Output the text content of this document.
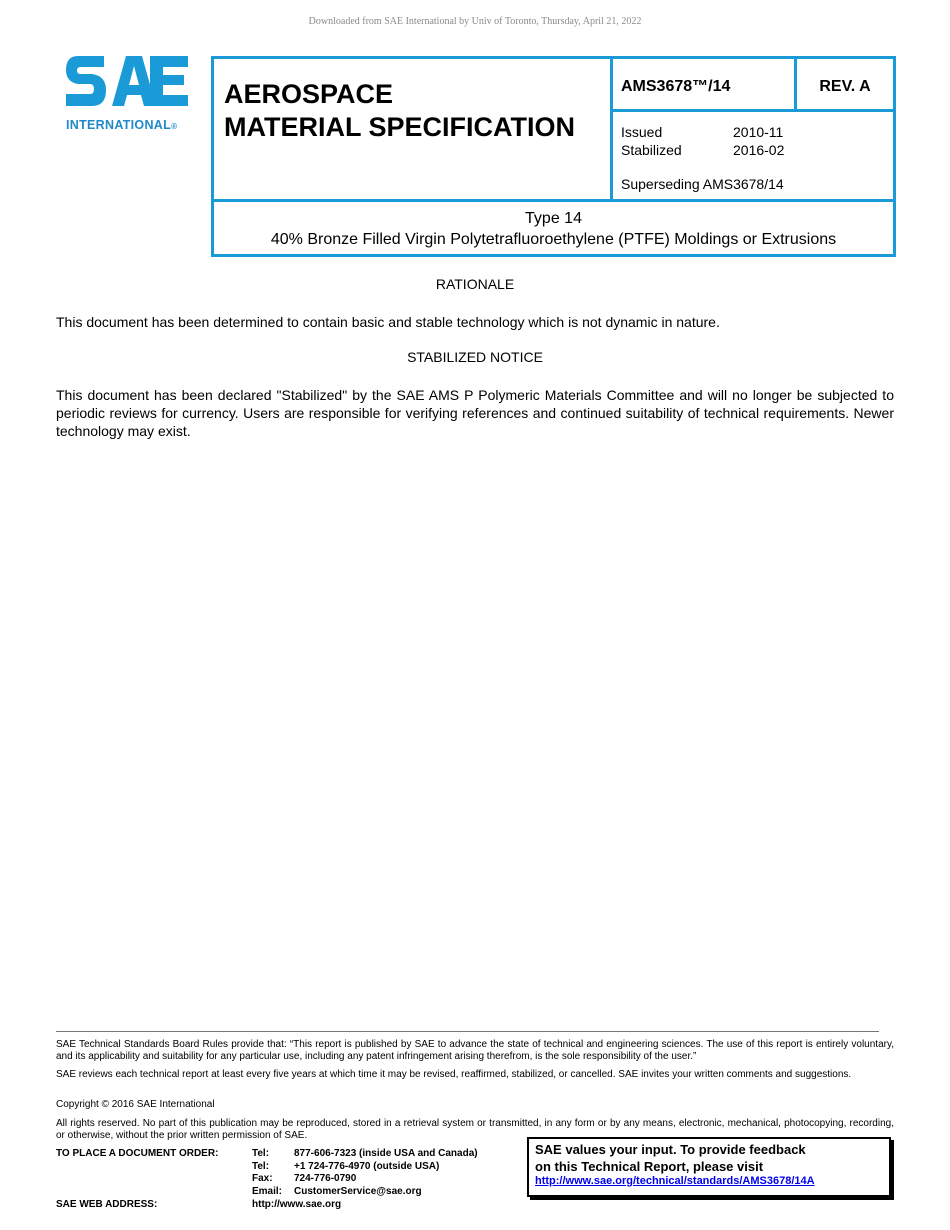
Downloaded from SAE International by Univ of Toronto, Thursday, April 21, 2022
INTERNATIONAL®
AEROSPACE
MATERIAL SPECIFICATION
AMS3678™/14	REV. A
Issued	2010-11
Stabilized	2016-02
Superseding AMS3678/14
Type 14
40% Bronze Filled Virgin Polytetrafluoroethylene (PTFE) Moldings or Extrusions
RATIONALE
This document has been determined to contain basic and stable technology which is not dynamic in nature.
STABILIZED NOTICE
This document has been declared "Stabilized" by the SAE AMS P Polymeric Materials Committee and will no longer be subjected to periodic reviews for currency. Users are responsible for verifying references and continued suitability of technical requirements. Newer technology may exist.
SAE Technical Standards Board Rules provide that: “This report is published by SAE to advance the state of technical and engineering sciences. The use of this report is entirely voluntary, and its applicability and suitability for any particular use, including any patent infringement arising therefrom, is the sole responsibility of the user.”
SAE reviews each technical report at least every five years at which time it may be revised, reaffirmed, stabilized, or cancelled. SAE invites your written comments and suggestions.
Copyright © 2016 SAE International
All rights reserved. No part of this publication may be reproduced, stored in a retrieval system or transmitted, in any form or by any means, electronic, mechanical, photocopying, recording, or otherwise, without the prior written permission of SAE.
TO PLACE A DOCUMENT ORDER:	Tel: 877-606-7323 (inside USA and Canada)
Tel: +1 724-776-4970 (outside USA)
Fax: 724-776-0790
Email: CustomerService@sae.org
SAE WEB ADDRESS:	http://www.sae.org
SAE values your input. To provide feedback
on this Technical Report, please visit
http://www.sae.org/technical/standards/AMS3678/14A
